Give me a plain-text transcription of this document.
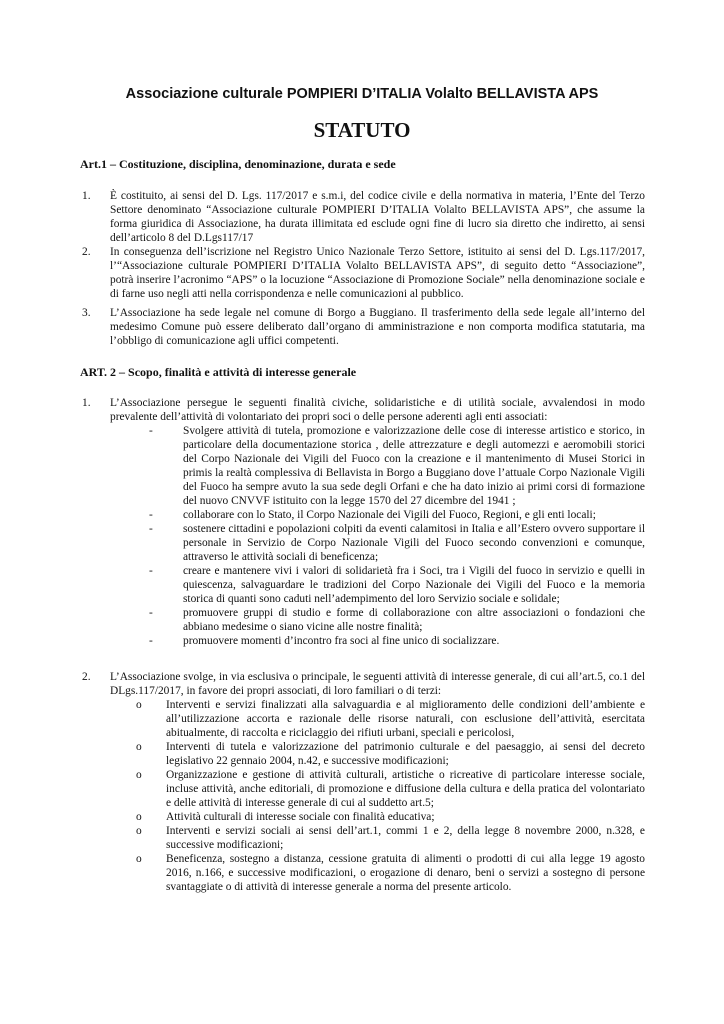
Associazione culturale POMPIERI D’ITALIA Volalto BELLAVISTA APS
STATUTO
Art.1 – Costituzione, disciplina, denominazione, durata e sede
1.	È costituito, ai sensi del D. Lgs. 117/2017 e s.m.i, del codice civile e della normativa in materia, l’Ente del Terzo Settore denominato “Associazione culturale POMPIERI D’ITALIA Volalto BELLAVISTA APS”, che assume la forma giuridica di Associazione, ha durata illimitata ed esclude ogni fine di lucro sia diretto che indiretto, ai sensi dell’articolo 8 del D.Lgs117/17
2.	In conseguenza dell’iscrizione nel Registro Unico Nazionale Terzo Settore, istituito ai sensi del D. Lgs.117/2017, l’“Associazione culturale POMPIERI D’ITALIA Volalto BELLAVISTA APS”, di seguito detto “Associazione”, potrà inserire l’acronimo “APS” o la locuzione “Associazione di Promozione Sociale” nella denominazione sociale e di farne uso negli atti nella corrispondenza e nelle comunicazioni al pubblico.
3.	L’Associazione ha sede legale nel comune di Borgo a Buggiano. Il trasferimento della sede legale all’interno del medesimo Comune può essere deliberato dall’organo di amministrazione e non comporta modifica statutaria, ma l’obbligo di comunicazione agli uffici competenti.
ART. 2 – Scopo, finalità e attività di interesse generale
1.	L’Associazione persegue le seguenti finalità civiche, solidaristiche e di utilità sociale, avvalendosi in modo prevalente dell’attività di volontariato dei propri soci o delle persone aderenti agli enti associati:
-	Svolgere attività di tutela, promozione e valorizzazione delle cose di interesse artistico e storico, in particolare della documentazione storica , delle attrezzature e degli automezzi e aeromobili storici del Corpo Nazionale dei Vigili del Fuoco con la creazione e il mantenimento di Musei Storici in primis la realtà complessiva di Bellavista in Borgo a Buggiano dove l’attuale Corpo Nazionale Vigili del Fuoco ha sempre avuto la sua sede degli Orfani e che ha dato inizio ai primi corsi di formazione del nuovo CNVVF istituito con la legge 1570 del 27 dicembre del 1941 ;
-	collaborare con lo Stato, il Corpo Nazionale dei Vigili del Fuoco, Regioni, e gli enti locali;
-	sostenere cittadini e popolazioni colpiti da eventi calamitosi in Italia e all’Estero ovvero supportare il personale in Servizio de Corpo Nazionale Vigili del Fuoco secondo convenzioni e comunque, attraverso le attività sociali di beneficenza;
-	creare e mantenere vivi i valori di solidarietà fra i Soci, tra i Vigili del fuoco in servizio e quelli in quiescenza, salvaguardare le tradizioni del Corpo Nazionale dei Vigili del Fuoco e la memoria storica di quanti sono caduti nell’adempimento del loro Servizio sociale e solidale;
-	promuovere gruppi di studio e forme di collaborazione con altre associazioni o fondazioni che abbiano medesime o siano vicine alle nostre finalità;
-	promuovere momenti d’incontro fra soci al fine unico di socializzare.
2.	L’Associazione svolge, in via esclusiva o principale, le seguenti attività di interesse generale, di cui all’art.5, co.1 del DLgs.117/2017, in favore dei propri associati, di loro familiari o di terzi:
o	Interventi e servizi finalizzati alla salvaguardia e al miglioramento delle condizioni dell’ambiente e all’utilizzazione accorta e razionale delle risorse naturali, con esclusione dell’attività, esercitata abitualmente, di raccolta e riciclaggio dei rifiuti urbani, speciali e pericolosi,
o	Interventi di tutela e valorizzazione del patrimonio culturale e del paesaggio, ai sensi del decreto legislativo 22 gennaio 2004, n.42, e successive modificazioni;
o	Organizzazione e gestione di attività culturali, artistiche o ricreative di particolare interesse sociale, incluse attività, anche editoriali, di promozione e diffusione della cultura e della pratica del volontariato e delle attività di interesse generale di cui al suddetto art.5;
o	Attività culturali di interesse sociale con finalità educativa;
o	Interventi e servizi sociali ai sensi dell’art.1, commi 1 e 2, della legge 8 novembre 2000, n.328, e successive modificazioni;
o	Beneficenza, sostegno a distanza, cessione gratuita di alimenti o prodotti di cui alla legge 19 agosto 2016, n.166, e successive modificazioni, o erogazione di denaro, beni o servizi a sostegno di persone svantaggiate o di attività di interesse generale a norma del presente articolo.
